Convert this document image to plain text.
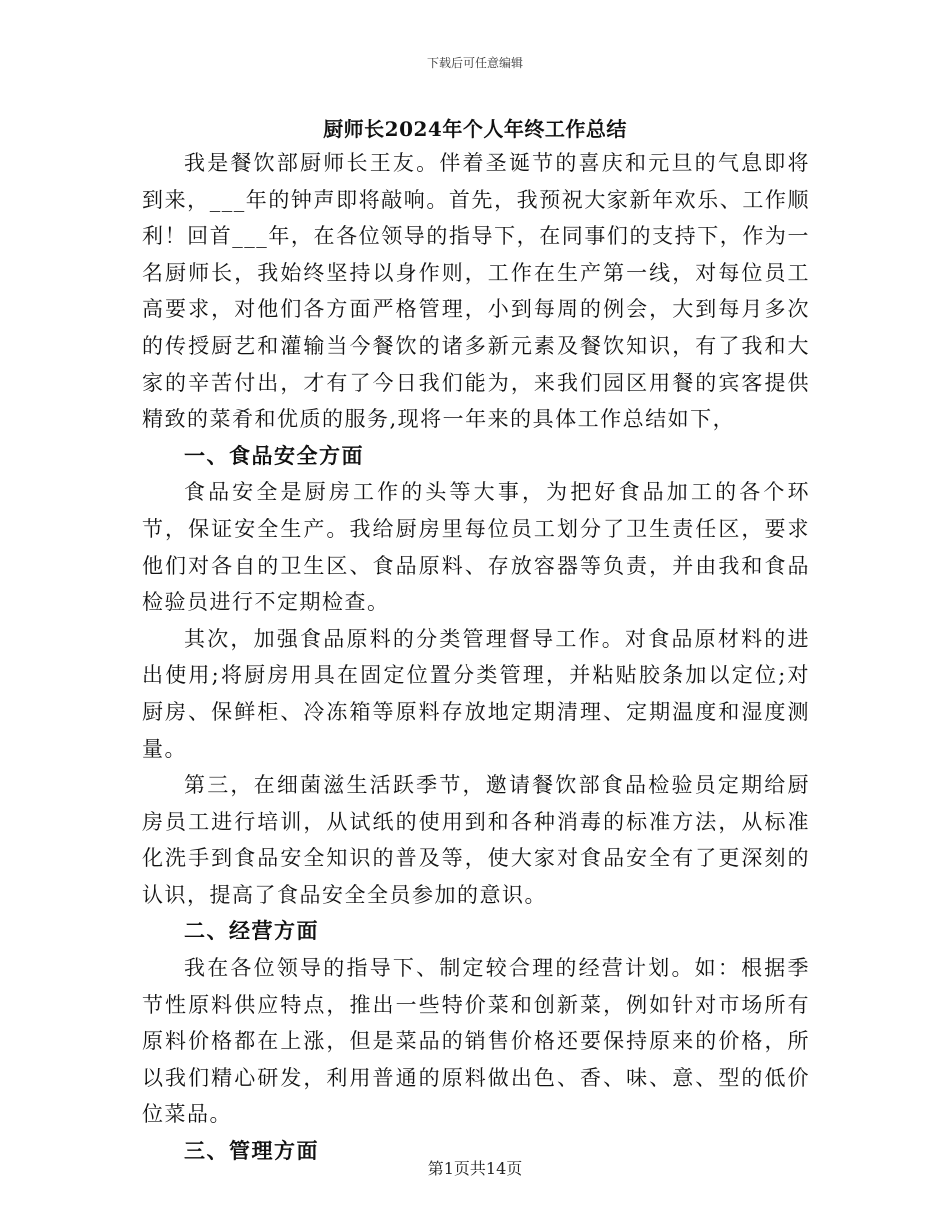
下载后可任意编辑
厨师长2024年个人年终工作总结

我是餐饮部厨师长王友。伴着圣诞节的喜庆和元旦的气息即将到来，___年的钟声即将敲响。首先，我预祝大家新年欢乐、工作顺利！回首___年，在各位领导的指导下，在同事们的支持下，作为一名厨师长，我始终坚持以身作则，工作在生产第一线，对每位员工高要求，对他们各方面严格管理，小到每周的例会，大到每月多次的传授厨艺和灌输当今餐饮的诸多新元素及餐饮知识，有了我和大家的辛苦付出，才有了今日我们能为，来我们园区用餐的宾客提供精致的菜肴和优质的服务,现将一年来的具体工作总结如下，

一、食品安全方面

食品安全是厨房工作的头等大事，为把好食品加工的各个环节，保证安全生产。我给厨房里每位员工划分了卫生责任区，要求他们对各自的卫生区、食品原料、存放容器等负责，并由我和食品检验员进行不定期检查。

其次，加强食品原料的分类管理督导工作。对食品原材料的进出使用;将厨房用具在固定位置分类管理，并粘贴胶条加以定位;对厨房、保鲜柜、冷冻箱等原料存放地定期清理、定期温度和湿度测量。

第三，在细菌滋生活跃季节，邀请餐饮部食品检验员定期给厨房员工进行培训，从试纸的使用到和各种消毒的标准方法，从标准化洗手到食品安全知识的普及等，使大家对食品安全有了更深刻的认识，提高了食品安全全员参加的意识。

二、经营方面

我在各位领导的指导下、制定较合理的经营计划。如：根据季节性原料供应特点，推出一些特价菜和创新菜，例如针对市场所有原料价格都在上涨，但是菜品的销售价格还要保持原来的价格，所以我们精心研发，利用普通的原料做出色、香、味、意、型的低价位菜品。

三、管理方面
第1页共14页
